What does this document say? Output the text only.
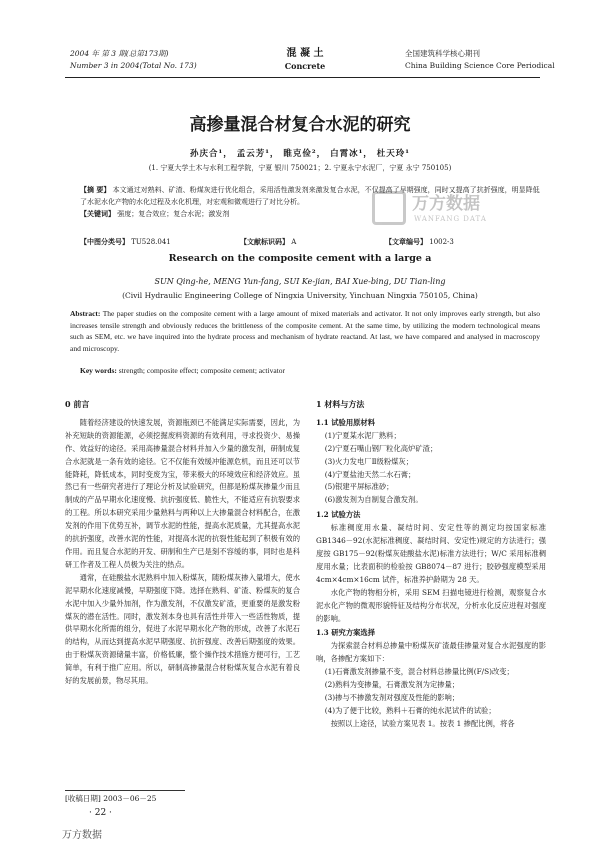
2004 年 第 3 期(总第173期)
Number 3 in 2004(Total No. 173)
混 凝 土
Concrete
全国建筑科学核心期刊
China Building Science Core Periodical
高掺量混合材复合水泥的研究
孙庆合¹， 孟云芳¹， 睢克俭²， 白霄冰¹， 杜天玲¹
(1. 宁夏大学土木与水利工程学院，宁夏 银川 750021；2. 宁夏永宁水泥厂，宁夏 永宁 750105)
【摘 要】 本文通过对熟料、矿渣、粉煤灰进行优化组合，采用活性激发剂来激发复合水泥，不仅提高了早期强度，同时又提高了抗折强度，明显降低了水泥水化产物的水化过程及水化机理，对宏观和微观进行了对比分析。
【关键词】 强度；复合效应；复合水泥；激发剂
【中图分类号】 TU528.041	【文献标识码】 A	【文章编号】 1002-3
万方数据
WANFANG DATA
Research on the composite cement with a large a
SUN Qing-he, MENG Yun-fang, SUI Ke-jian, BAI Xue-bing, DU Tian-ling
(Civil Hydraulic Engineering College of Ningxia University, Yinchuan Ningxia 750105, China)
Abstract: The paper studies on the composite cement with a large amount of mixed materials and activator. It not only improves early strength, but also increases tensile strength and obviously reduces the brittleness of the composite cement. At the same time, by utilizing the modern technological means such as SEM, etc. we have inquired into the hydrate process and mechanism of hydrate reactand. At last, we have compared and analysed in macroscopy and microscopy.
Key words: strength; composite effect; composite cement; activator
0 前言

随着经济建设的快速发展，资源瓶颈已不能满足实际需要，因此，为补充短缺的资源能源，必须挖掘废料资源的有效利用，寻求投资少、易操作、效益好的途径。采用高掺量混合材料并加入少量的激发剂，研制成复合水泥就是一条有效的途径。它不仅能有效缓冲能源危机，而且还可以节能降耗，降低成本，同时变废为宝，带来极大的环境效应和经济效应。虽然已有一些研究者进行了理论分析及试验研究，但都是粉煤灰掺量少而且制成的产品早期水化速度慢、抗折强度低、脆性大，不能适应有抗裂要求的工程。所以本研究采用少量熟料与两种以上大掺量混合材料配合，在激发剂的作用下优势互补，调节水泥的性能，提高水泥质量，尤其提高水泥的抗折强度，改善水泥的性能，对提高水泥的抗裂性能起到了积极有效的作用。而且复合水泥的开发、研制和生产已是刻不容缓的事，同时也是科研工作者及工程人员极为关注的热点。

通常，在硅酸盐水泥熟料中加入粉煤灰，随粉煤灰掺入量增大，使水泥早期水化速度减慢，早期强度下降。选择在熟料、矿渣、粉煤灰的复合水泥中加入少量外加剂，作为激发剂，不仅激发矿渣，更重要的是激发粉煤灰的潜在活性。同时，激发剂本身也具有活性并带入一些活性物质，提供早期水化所需的组分，促进了水泥早期水化产物的形成，改善了水泥石的结构，从而达到提高水泥早期强度、抗折强度、改善后期强度的效果。由于粉煤灰资源储量丰富，价格低廉，整个操作技术措施方便可行，工艺简单，有利于推广应用。所以，研制高掺量混合材粉煤灰复合水泥有着良好的发展前景，物尽其用。

1 材料与方法
1.1 试验用原材料
(1)宁夏某水泥厂熟料；
(2)宁夏石嘴山钢厂粒化高炉矿渣；
(3)火力发电厂Ⅱ级粉煤灰；
(4)宁夏盐池天然二水石膏；
(5)银建平屏标准砂；
(6)激发剂为自制复合激发剂。
1.2 试验方法

标准稠度用水量、凝结时间、安定性等的测定均按国家标准 GB1346－92(水泥标准稠度、凝结时间、安定性)规定的方法进行；强度按 GB175－92(粉煤灰硅酸盐水泥)标准方法进行；W/C 采用标准稠度用水量；比表面积的检验按 GB8074－87 进行；胶砂强度模型采用 4cm×4cm×16cm 试件，标准养护龄期为 28 天。

水化产物的物相分析，采用 SEM 扫描电镜进行检测，观察复合水泥水化产物的微观形貌特征及结构分布状况，分析水化反应进程对强度的影响。

1.3 研究方案选择

为探索混合材料总掺量中粉煤灰矿渣最佳掺量对复合水泥强度的影响，各掺配方案如下：

(1)石膏激发剂掺量不变，混合材料总掺量比例(F/S)改变；
(2)熟料为变掺量，石膏激发剂为定掺量；
(3)掺与不掺激发剂对强度及性能的影响；
(4)为了便于比较，熟料＋石膏的纯水泥试件的试验；

按照以上途径，试验方案见表 1。按表 1 掺配比例，将各

[收稿日期] 2003－06－25
· 22 ·
万方数据
